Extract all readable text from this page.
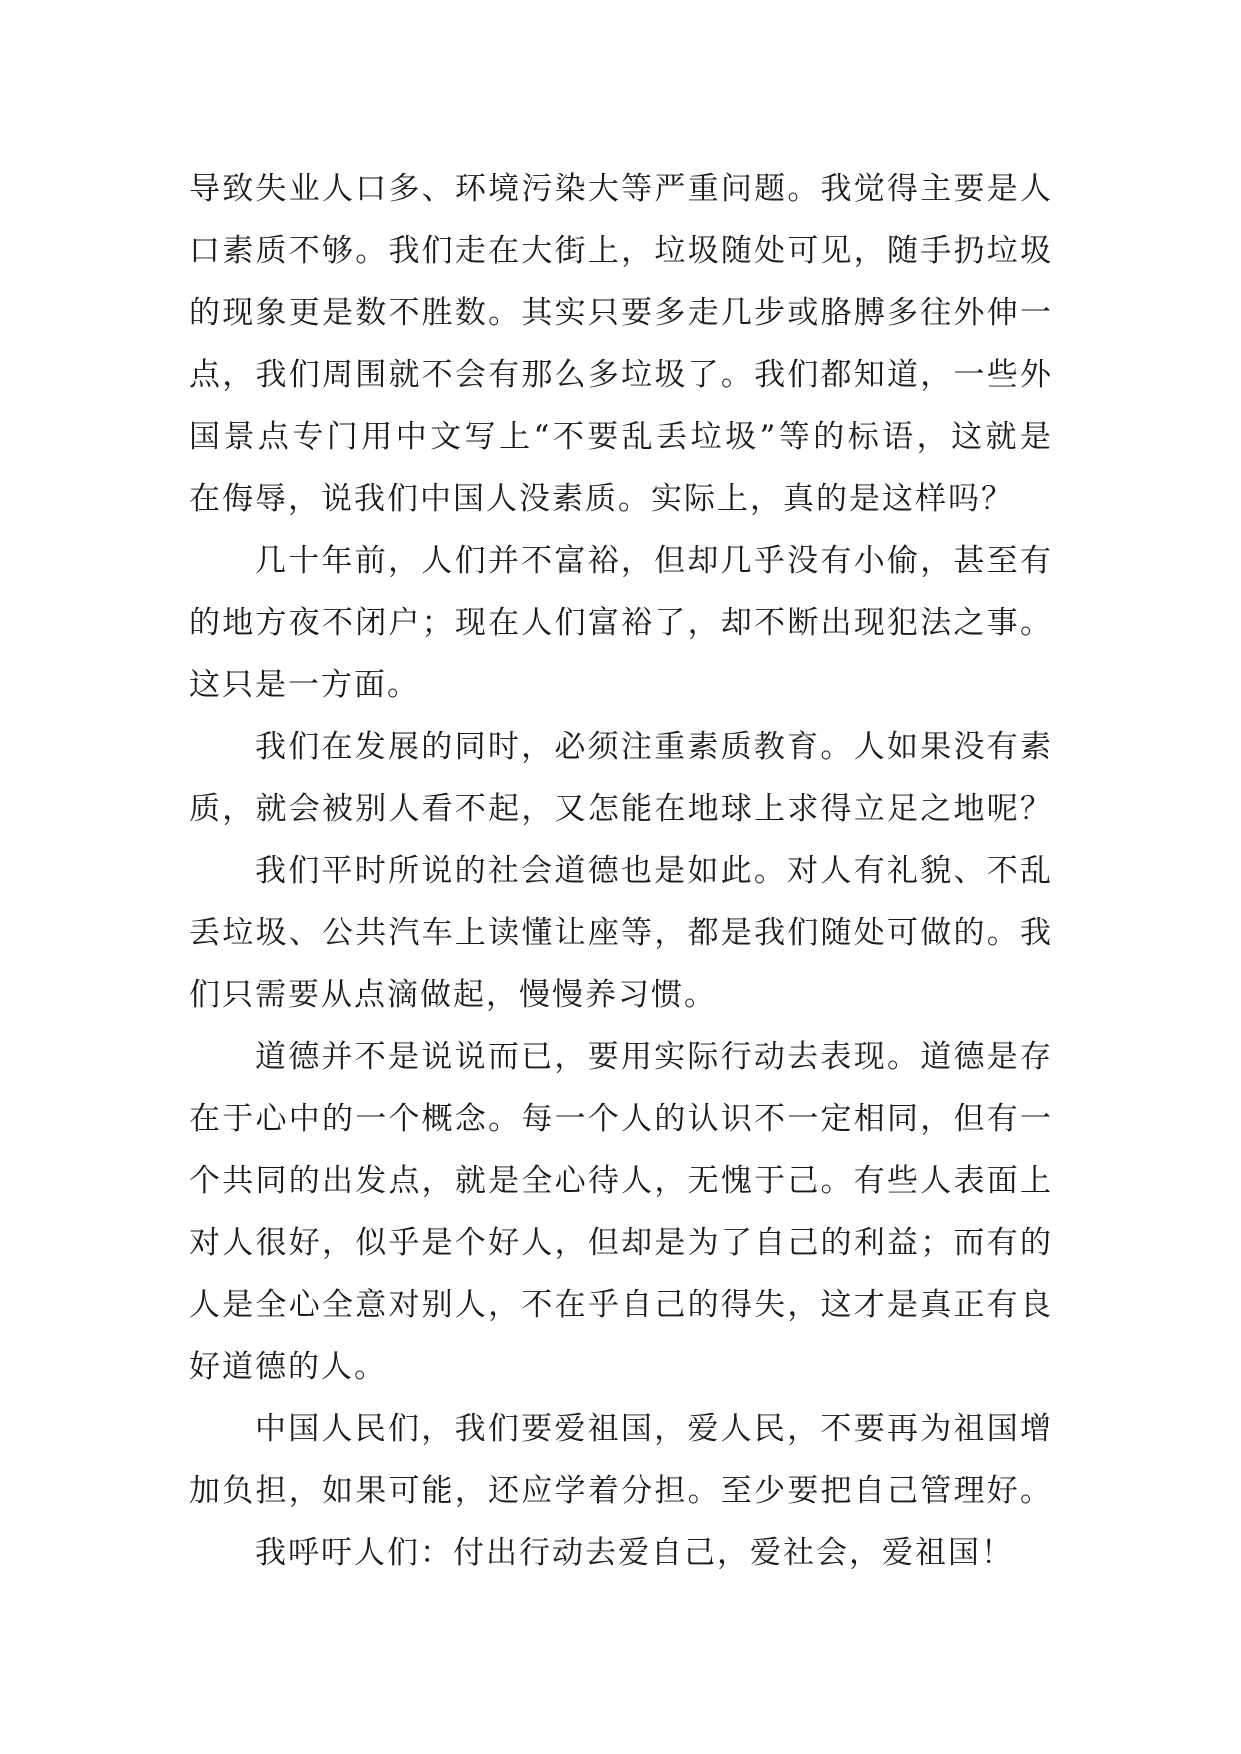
导致失业人口多、环境污染大等严重问题。我觉得主要是人
口素质不够。我们走在大街上，垃圾随处可见，随手扔垃圾
的现象更是数不胜数。其实只要多走几步或胳膊多往外伸一
点，我们周围就不会有那么多垃圾了。我们都知道，一些外
国景点专门用中文写上“不要乱丢垃圾”等的标语，这就是
在侮辱，说我们中国人没素质。实际上，真的是这样吗？
几十年前，人们并不富裕，但却几乎没有小偷，甚至有
的地方夜不闭户；现在人们富裕了，却不断出现犯法之事。
这只是一方面。
我们在发展的同时，必须注重素质教育。人如果没有素
质，就会被别人看不起，又怎能在地球上求得立足之地呢？
我们平时所说的社会道德也是如此。对人有礼貌、不乱
丢垃圾、公共汽车上读懂让座等，都是我们随处可做的。我
们只需要从点滴做起，慢慢养习惯。
道德并不是说说而已，要用实际行动去表现。道德是存
在于心中的一个概念。每一个人的认识不一定相同，但有一
个共同的出发点，就是全心待人，无愧于己。有些人表面上
对人很好，似乎是个好人，但却是为了自己的利益；而有的
人是全心全意对别人，不在乎自己的得失，这才是真正有良
好道德的人。
中国人民们，我们要爱祖国，爱人民，不要再为祖国增
加负担，如果可能，还应学着分担。至少要把自己管理好。
我呼吁人们：付出行动去爱自己，爱社会，爱祖国！
